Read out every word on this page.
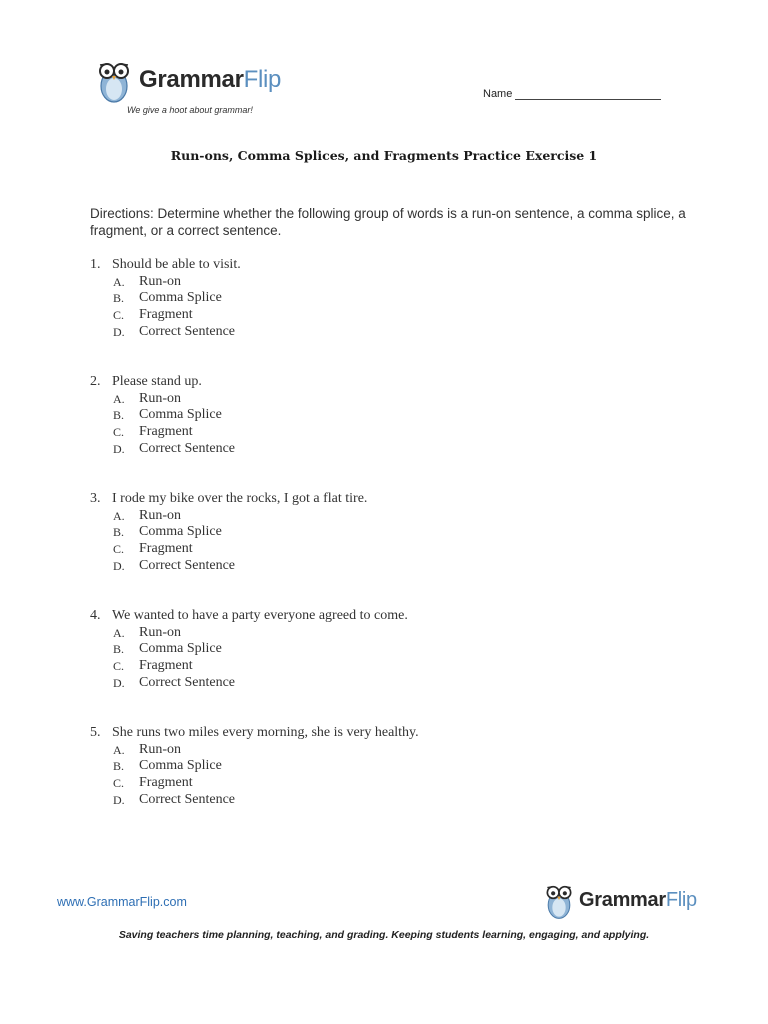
GrammarFlip
We give a hoot about grammar!
Name
Run-ons, Comma Splices, and Fragments Practice Exercise 1
Directions: Determine whether the following group of words is a run-on sentence, a comma splice, a fragment, or a correct sentence.
1. Should be able to visit.
A.	Run-on
B.	Comma Splice
C.	Fragment
D.	Correct Sentence
2. Please stand up.
A.	Run-on
B.	Comma Splice
C.	Fragment
D.	Correct Sentence
3. I rode my bike over the rocks, I got a flat tire.
A.	Run-on
B.	Comma Splice
C.	Fragment
D.	Correct Sentence
4. We wanted to have a party everyone agreed to come.
A.	Run-on
B.	Comma Splice
C.	Fragment
D.	Correct Sentence
5. She runs two miles every morning, she is very healthy.
A.	Run-on
B.	Comma Splice
C.	Fragment
D.	Correct Sentence
www.GrammarFlip.com	GrammarFlip
Saving teachers time planning, teaching, and grading. Keeping students learning, engaging, and applying.
